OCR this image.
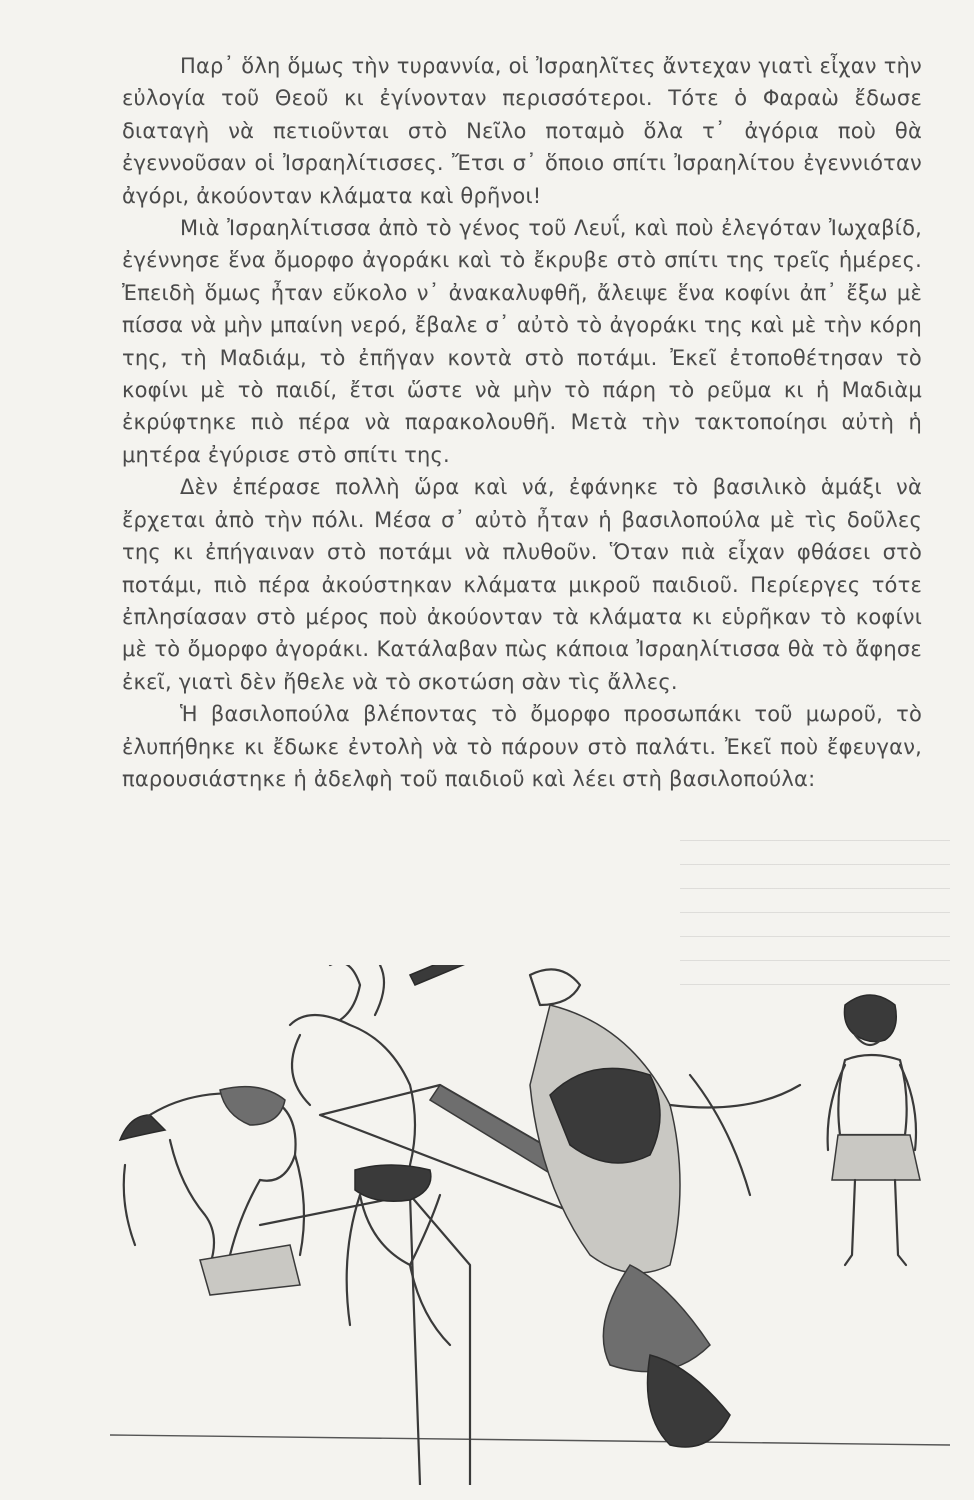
Παρ᾽ ὅλη ὅμως τὴν τυραννία, οἱ Ἰσραηλῖτες ἄντεχαν γιατὶ εἶχαν τὴν εὐλογία τοῦ Θεοῦ κι ἐγίνονταν περισσότεροι. Τότε ὁ Φαραὼ ἔδωσε διαταγὴ νὰ πετιοῦνται στὸ Νεῖλο ποταμὸ ὅλα τ᾽ ἀγόρια ποὺ θὰ ἐγεννοῦσαν οἱ Ἰσραηλίτισσες. Ἔτσι σ᾽ ὅποιο σπίτι Ἰσραηλίτου ἐγεννιόταν ἀγόρι, ἀκούονταν κλάματα καὶ θρῆνοι!

Μιὰ Ἰσραηλίτισσα ἀπὸ τὸ γένος τοῦ Λευΐ, καὶ ποὺ ἐλεγόταν Ἰωχαβίδ, ἐγέννησε ἕνα ὄμορφο ἀγοράκι καὶ τὸ ἔκρυβε στὸ σπίτι της τρεῖς ἡμέρες. Ἐπειδὴ ὅμως ἦταν εὔκολο ν᾽ ἀνακαλυφθῆ, ἄλειψε ἕνα κοφίνι ἀπ᾽ ἔξω μὲ πίσσα νὰ μὴν μπαίνη νερό, ἔβαλε σ᾽ αὐτὸ τὸ ἀγοράκι της καὶ μὲ τὴν κόρη της, τὴ Μαδιάμ, τὸ ἐπῆγαν κοντὰ στὸ ποτάμι. Ἐκεῖ ἐτοποθέτησαν τὸ κοφίνι μὲ τὸ παιδί, ἔτσι ὥστε νὰ μὴν τὸ πάρη τὸ ρεῦμα κι ἡ Μαδιὰμ ἐκρύφτηκε πιὸ πέρα νὰ παρακολουθῆ. Μετὰ τὴν τακτοποίησι αὐτὴ ἡ μητέρα ἐγύρισε στὸ σπίτι της.

Δὲν ἐπέρασε πολλὴ ὥρα καὶ νά, ἐφάνηκε τὸ βασιλικὸ ἁμάξι νὰ ἔρχεται ἀπὸ τὴν πόλι. Μέσα σ᾽ αὐτὸ ἦταν ἡ βασιλοπούλα μὲ τὶς δοῦλες της κι ἐπήγαιναν στὸ ποτάμι νὰ πλυθοῦν. Ὅταν πιὰ εἶχαν φθάσει στὸ ποτάμι, πιὸ πέρα ἀκούστηκαν κλάματα μικροῦ παιδιοῦ. Περίεργες τότε ἐπλησίασαν στὸ μέρος ποὺ ἀκούονταν τὰ κλάματα κι εὑρῆκαν τὸ κοφίνι μὲ τὸ ὄμορφο ἀγοράκι. Κατάλαβαν πὼς κάποια Ἰσραηλίτισσα θὰ τὸ ἄφησε ἐκεῖ, γιατὶ δὲν ἤθελε νὰ τὸ σκοτώση σὰν τὶς ἄλλες.

Ἡ βασιλοπούλα βλέποντας τὸ ὄμορφο προσωπάκι τοῦ μωροῦ, τὸ ἐλυπήθηκε κι ἔδωκε ἐντολὴ νὰ τὸ πάρουν στὸ παλάτι. Ἐκεῖ ποὺ ἔφευγαν, παρουσιάστηκε ἡ ἀδελφὴ τοῦ παιδιοῦ καὶ λέει στὴ βασιλοπούλα:
